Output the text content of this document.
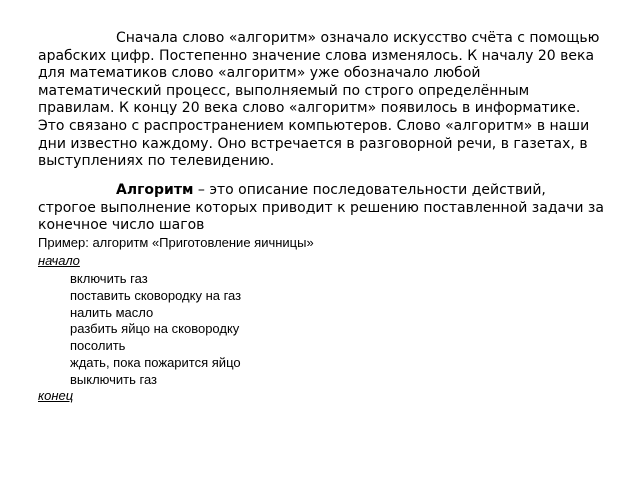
Сначала слово «алгоритм» означало искусство счёта с помощью арабских цифр. Постепенно значение слова изменялось. К началу 20 века для математиков слово «алгоритм» уже обозначало любой математический процесс, выполняемый по строго определённым правилам. К концу 20 века слово «алгоритм» появилось в информатике. Это связано с распространением компьютеров. Слово «алгоритм» в наши дни известно каждому. Оно встречается в разговорной речи, в газетах, в выступлениях по телевидению.

Алгоритм – это описание последовательности действий, строгое выполнение которых приводит к решению поставленной задачи за конечное число шагов

Пример: алгоритм «Приготовление яичницы»
начало
включить газ
поставить сковородку на газ
налить масло
разбить яйцо на сковородку
посолить
ждать, пока пожарится яйцо
выключить газ
конец
